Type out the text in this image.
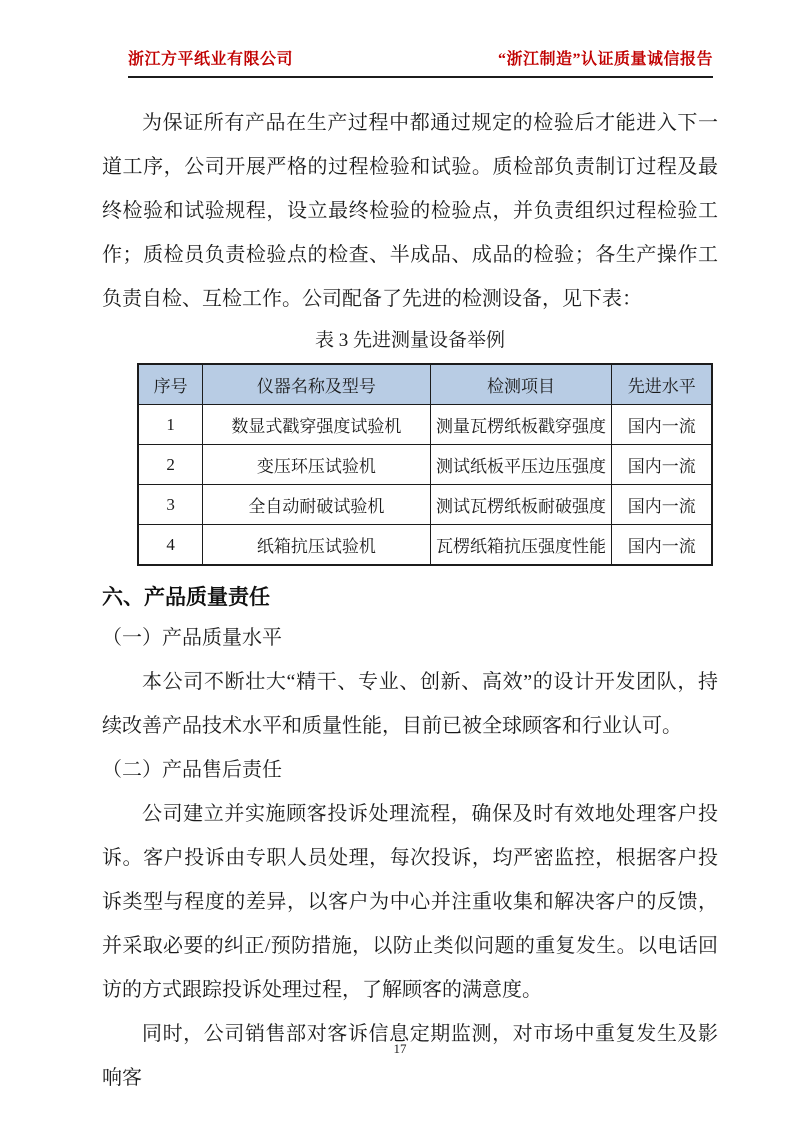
浙江方平纸业有限公司	“浙江制造”认证质量诚信报告

为保证所有产品在生产过程中都通过规定的检验后才能进入下一道工序，公司开展严格的过程检验和试验。质检部负责制订过程及最终检验和试验规程，设立最终检验的检验点，并负责组织过程检验工作；质检员负责检验点的检查、半成品、成品的检验；各生产操作工负责自检、互检工作。公司配备了先进的检测设备，见下表：

表 3 先进测量设备举例
序号	仪器名称及型号	检测项目	先进水平
1	数显式戳穿强度试验机	测量瓦楞纸板戳穿强度	国内一流
2	变压环压试验机	测试纸板平压边压强度	国内一流
3	全自动耐破试验机	测试瓦楞纸板耐破强度	国内一流
4	纸箱抗压试验机	瓦楞纸箱抗压强度性能	国内一流
六、产品质量责任

（一）产品质量水平

本公司不断壮大“精干、专业、创新、高效”的设计开发团队，持续改善产品技术水平和质量性能，目前已被全球顾客和行业认可。

（二）产品售后责任

公司建立并实施顾客投诉处理流程，确保及时有效地处理客户投诉。客户投诉由专职人员处理，每次投诉，均严密监控，根据客户投诉类型与程度的差异，以客户为中心并注重收集和解决客户的反馈，并采取必要的纠正/预防措施，以防止类似问题的重复发生。以电话回访的方式跟踪投诉处理过程，了解顾客的满意度。

同时，公司销售部对客诉信息定期监测，对市场中重复发生及影响客

17
